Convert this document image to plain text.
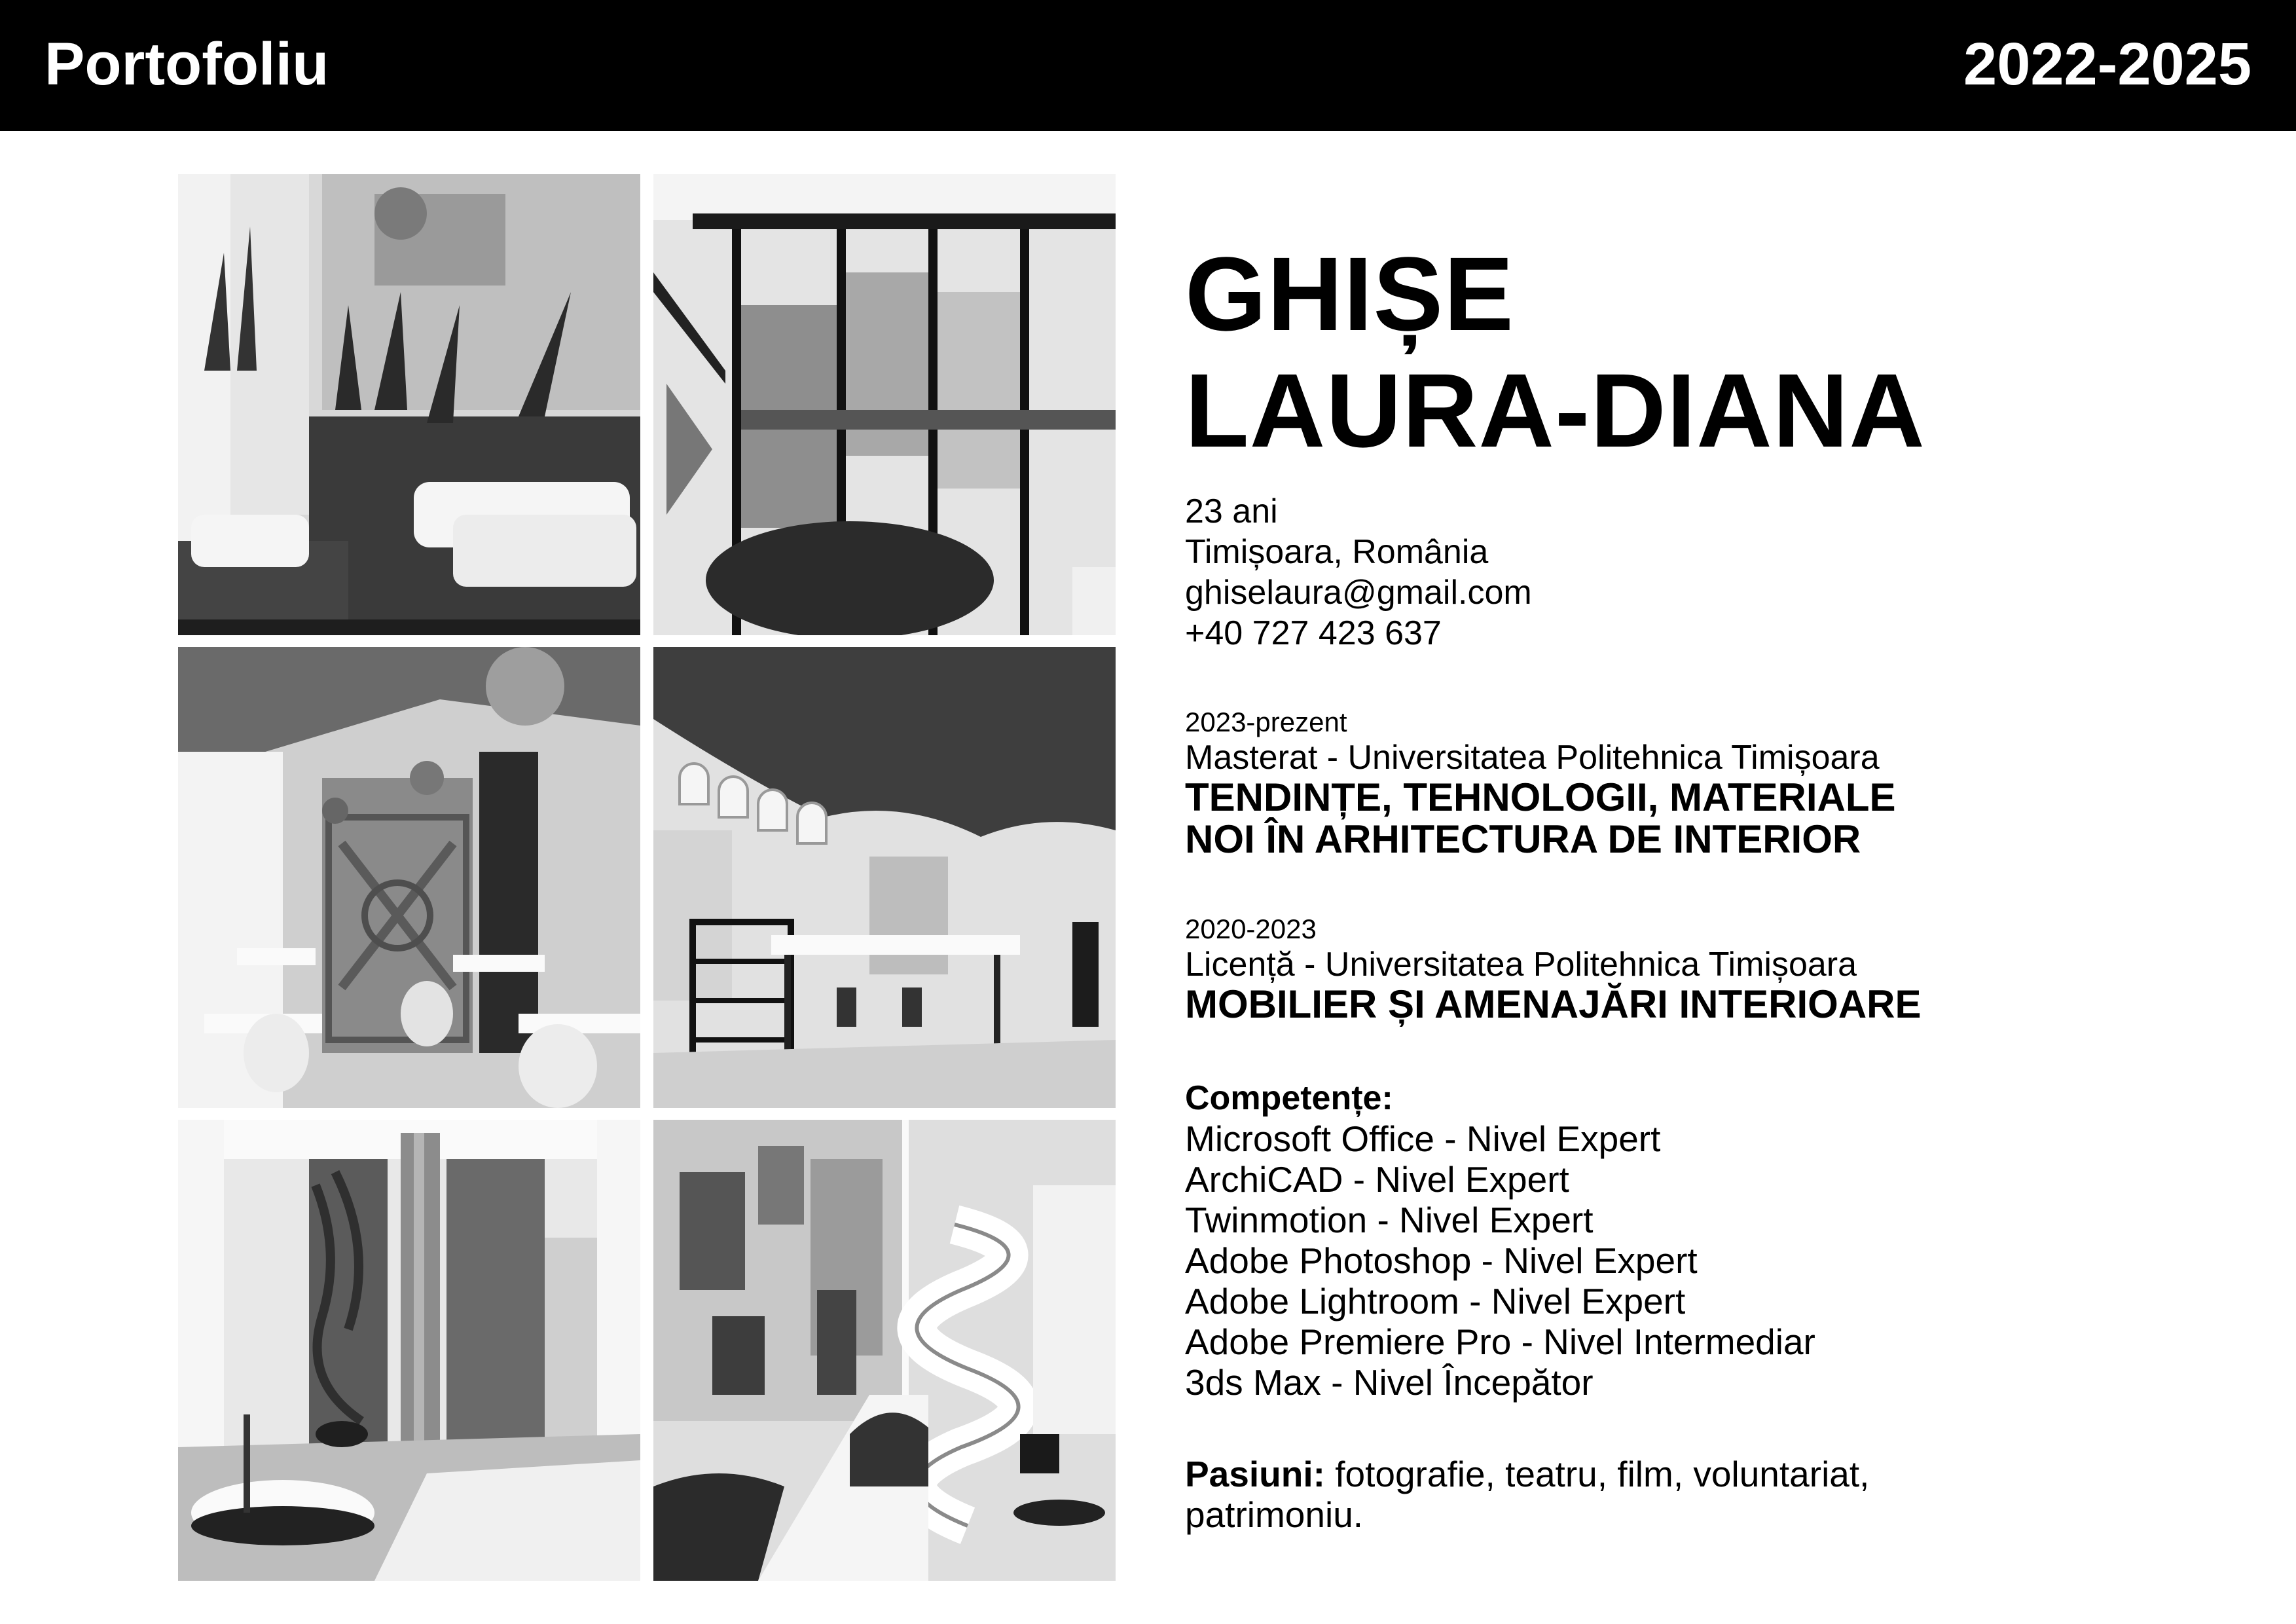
Portofoliu	2022-2025
GHIȘE
LAURA-DIANA
23 ani
Timișoara, România
ghiselaura@gmail.com
+40 727 423 637
2023-prezent
Masterat - Universitatea Politehnica Timișoara
TENDINȚE, TEHNOLOGII, MATERIALE
NOI ÎN ARHITECTURA DE INTERIOR
2020-2023
Licență - Universitatea Politehnica Timișoara
MOBILIER ȘI AMENAJĂRI INTERIOARE
Competențe:
Microsoft Office - Nivel Expert
ArchiCAD - Nivel Expert
Twinmotion - Nivel Expert
Adobe Photoshop - Nivel Expert
Adobe Lightroom - Nivel Expert
Adobe Premiere Pro - Nivel Intermediar
3ds Max - Nivel Începător
Pasiuni: fotografie, teatru, film, voluntariat, patrimoniu.
